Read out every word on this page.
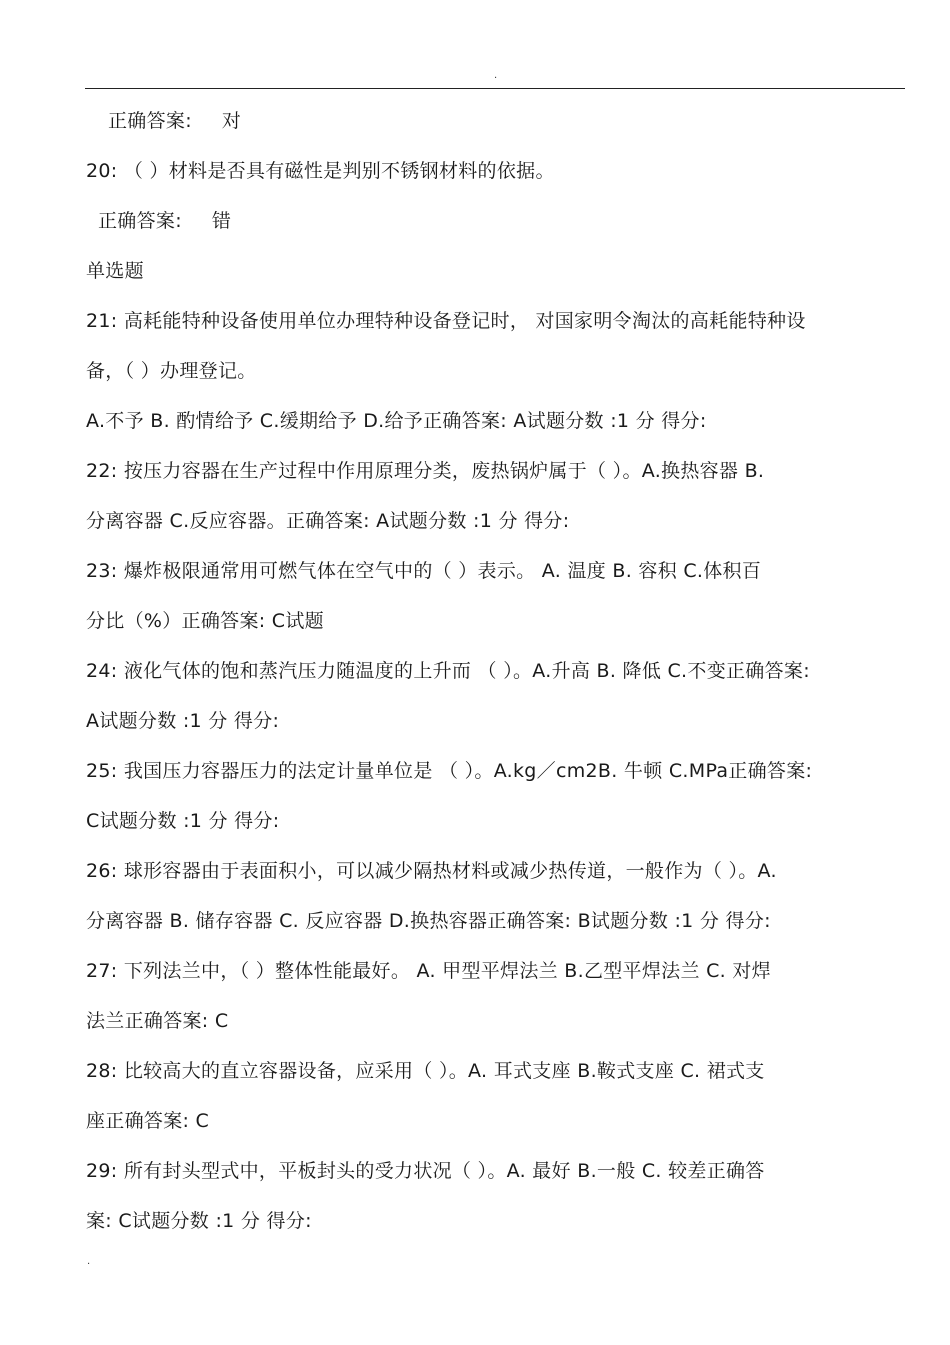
.
正确答案: 对
20: （ ）材料是否具有磁性是判别不锈钢材料的依据。
正确答案: 错
单选题
21: 高耗能特种设备使用单位办理特种设备登记时， 对国家明令淘汰的高耗能特种设
备，（ ）办理登记。
A.不予 B. 酌情给予 C.缓期给予 D.给予正确答案: A试题分数 :1 分 得分:
22: 按压力容器在生产过程中作用原理分类，废热锅炉属于（ ）。A.换热容器 B.
分离容器 C.反应容器。正确答案: A试题分数 :1 分 得分:
23: 爆炸极限通常用可燃气体在空气中的（ ）表示。 A. 温度 B. 容积 C.体积百
分比（%）正确答案: C试题
24: 液化气体的饱和蒸汽压力随温度的上升而 （ ）。A.升高 B. 降低 C.不变正确答案:
A试题分数 :1 分 得分:
25: 我国压力容器压力的法定计量单位是 （ ）。A.kg／cm2B. 牛顿 C.MPa正确答案:
C试题分数 :1 分 得分:
26: 球形容器由于表面积小，可以减少隔热材料或减少热传道，一般作为（ ）。A.
分离容器 B. 储存容器 C. 反应容器 D.换热容器正确答案: B试题分数 :1 分 得分:
27: 下列法兰中，（ ）整体性能最好。 A. 甲型平焊法兰 B.乙型平焊法兰 C. 对焊
法兰正确答案: C
28: 比较高大的直立容器设备，应采用（ ）。A. 耳式支座 B.鞍式支座 C. 裙式支
座正确答案: C
29: 所有封头型式中，平板封头的受力状况（ ）。A. 最好 B.一般 C. 较差正确答
案: C试题分数 :1 分 得分:
.
